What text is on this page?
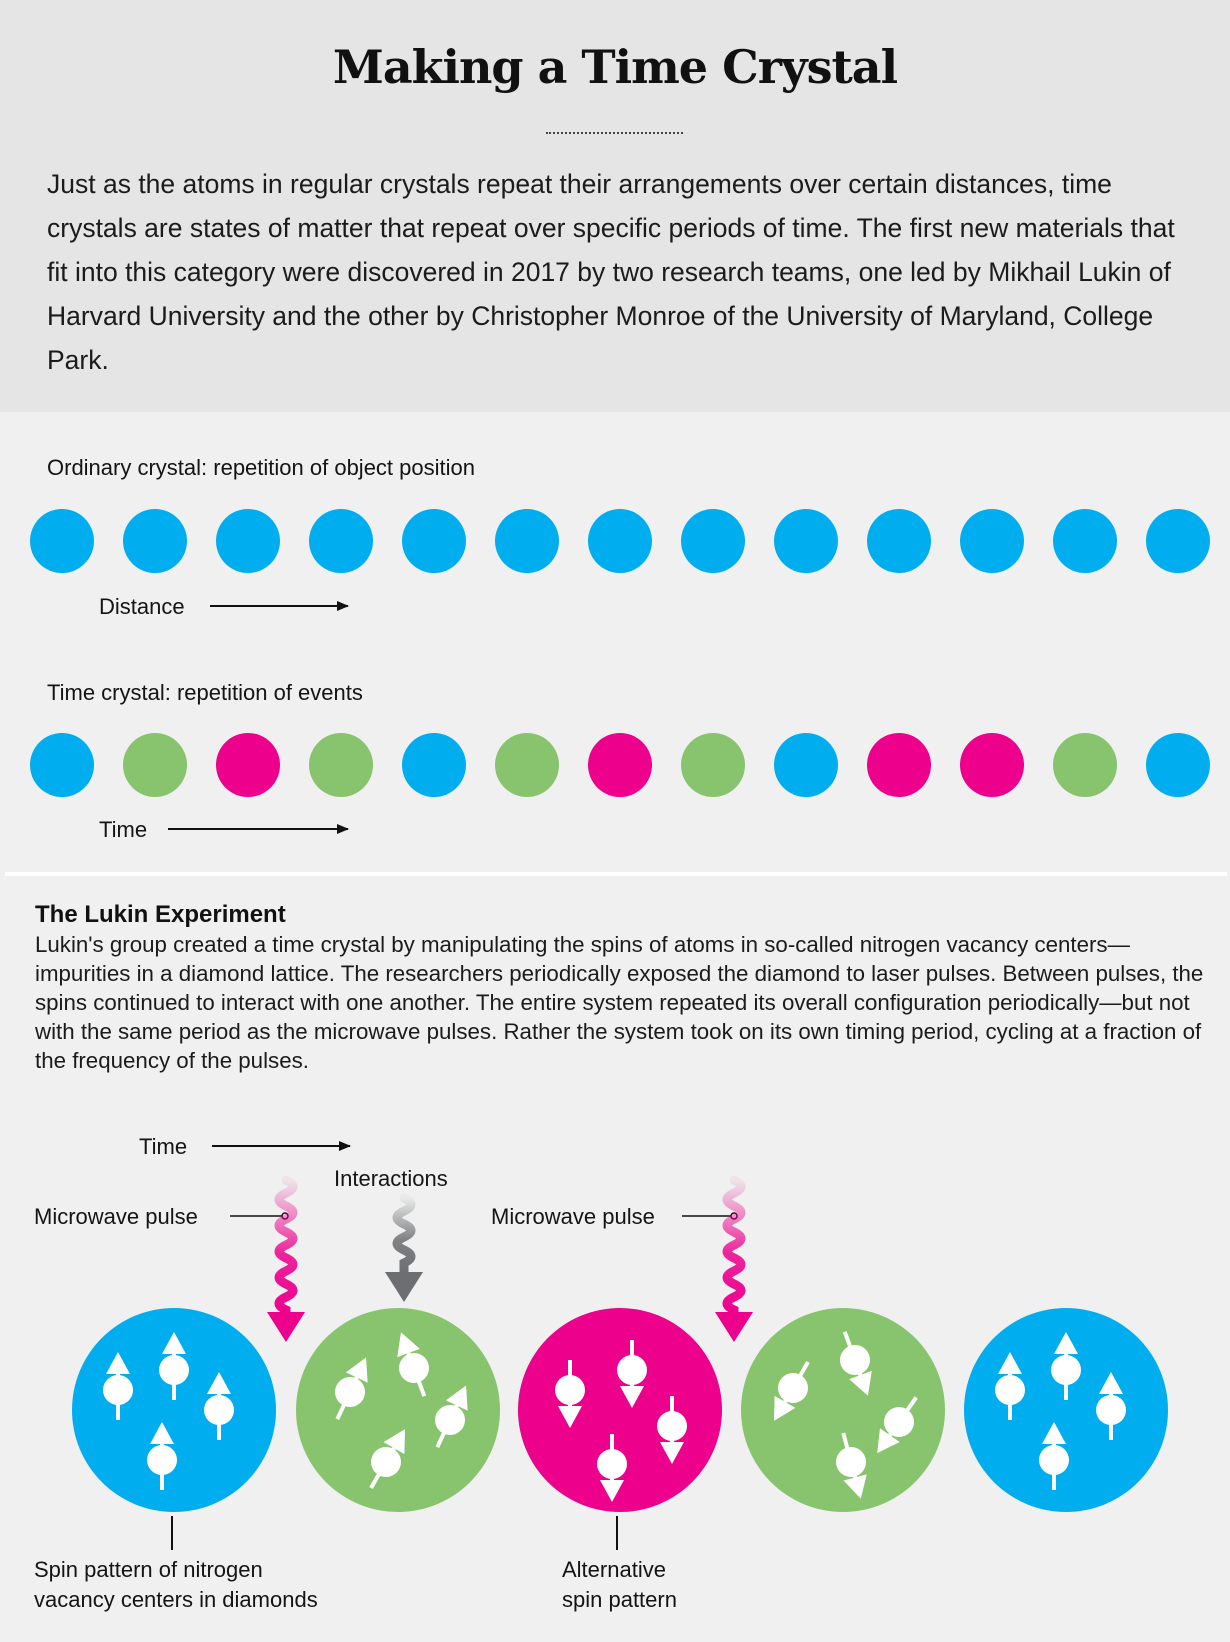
Making a Time Crystal
Just as the atoms in regular crystals repeat their arrangements over certain distances, time crystals are states of matter that repeat over specific periods of time. The first new materials that fit into this category were discovered in 2017 by two research teams, one led by Mikhail Lukin of Harvard University and the other by Christopher Monroe of the University of Maryland, College Park.
Ordinary crystal: repetition of object position
Distance
Time crystal: repetition of events
Time
The Lukin Experiment
Lukin's group created a time crystal by manipulating the spins of atoms in so-called nitrogen vacancy centers—impurities in a diamond lattice. The researchers periodically exposed the diamond to laser pulses. Between pulses, the spins continued to interact with one another. The entire system repeated its overall configuration periodically—but not with the same period as the microwave pulses. Rather the system took on its own timing period, cycling at a fraction of the frequency of the pulses.
Time
Interactions
Microwave pulse	Microwave pulse
Spin pattern of nitrogen
vacancy centers in diamonds
Alternative
spin pattern
